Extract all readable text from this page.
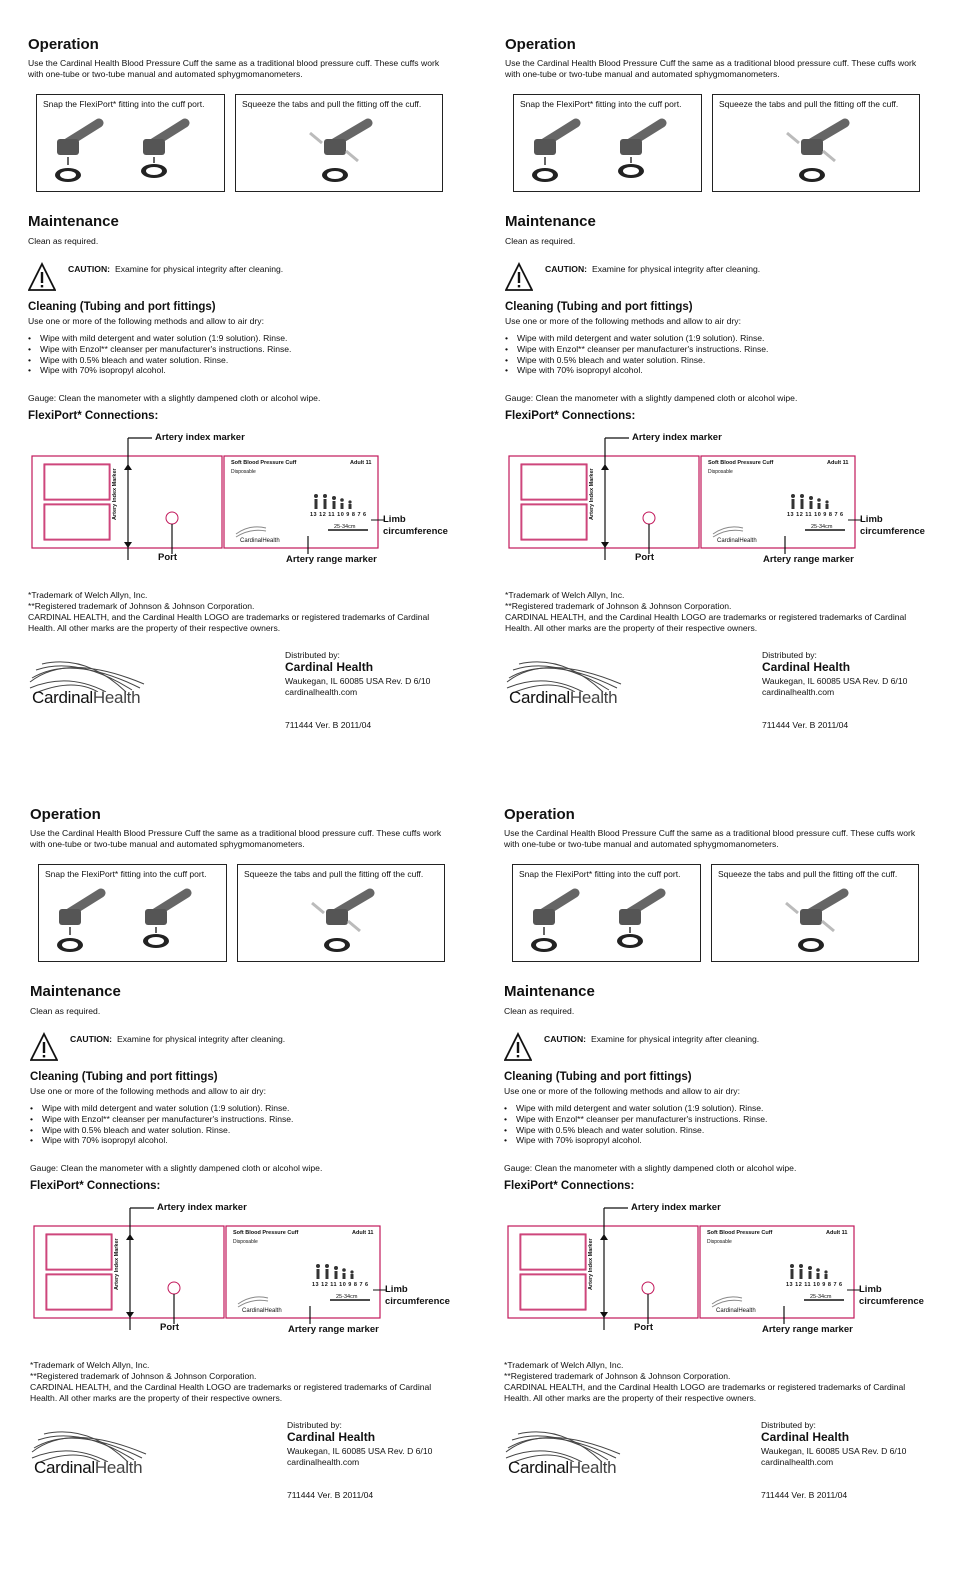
Operation
Use the Cardinal Health Blood Pressure Cuff the same as a traditional blood pressure cuff. These cuffs work with one-tube or two-tube manual and automated sphygmomanometers.
Snap the FlexiPort* fitting into the cuff port.	Squeeze the tabs and pull the fitting off the cuff.
Maintenance
Clean as required.
CAUTION: Examine for physical integrity after cleaning.
Cleaning (Tubing and port fittings)
Use one or more of the following methods and allow to air dry:
• Wipe with mild detergent and water solution (1:9 solution). Rinse.
• Wipe with Enzol** cleanser per manufacturer's instructions. Rinse.
• Wipe with 0.5% bleach and water solution. Rinse.
• Wipe with 70% isopropyl alcohol.
Gauge: Clean the manometer with a slightly dampened cloth or alcohol wipe.
FlexiPort* Connections:
Artery index marker
Artery Index Marker
Soft Blood Pressure Cuff
Disposable
Adult 11
13 12 11 10 9 8 7 6
25-34cm
CardinalHealth
Port	Artery range marker
Limb
circumference
*Trademark of Welch Allyn, Inc.
**Registered trademark of Johnson & Johnson Corporation.
CARDINAL HEALTH, and the Cardinal Health LOGO are trademarks or registered trademarks of Cardinal Health. All other marks are the property of their respective owners.
CardinalHealth
Distributed by:
Cardinal Health
Waukegan, IL 60085 USA Rev. D 6/10
cardinalhealth.com
711444 Ver. B 2011/04
Operation
Use the Cardinal Health Blood Pressure Cuff the same as a traditional blood pressure cuff. These cuffs work with one-tube or two-tube manual and automated sphygmomanometers.
Snap the FlexiPort* fitting into the cuff port.	Squeeze the tabs and pull the fitting off the cuff.
Maintenance
Clean as required.
CAUTION: Examine for physical integrity after cleaning.
Cleaning (Tubing and port fittings)
Use one or more of the following methods and allow to air dry:
• Wipe with mild detergent and water solution (1:9 solution). Rinse.
• Wipe with Enzol** cleanser per manufacturer's instructions. Rinse.
• Wipe with 0.5% bleach and water solution. Rinse.
• Wipe with 70% isopropyl alcohol.
Gauge: Clean the manometer with a slightly dampened cloth or alcohol wipe.
FlexiPort* Connections:
Artery index marker
Artery Index Marker
Soft Blood Pressure Cuff
Disposable
Adult 11
13 12 11 10 9 8 7 6
25-34cm
CardinalHealth
Port	Artery range marker
Limb
circumference
*Trademark of Welch Allyn, Inc.
**Registered trademark of Johnson & Johnson Corporation.
CARDINAL HEALTH, and the Cardinal Health LOGO are trademarks or registered trademarks of Cardinal Health. All other marks are the property of their respective owners.
CardinalHealth
Distributed by:
Cardinal Health
Waukegan, IL 60085 USA Rev. D 6/10
cardinalhealth.com
711444 Ver. B 2011/04
Operation
Use the Cardinal Health Blood Pressure Cuff the same as a traditional blood pressure cuff. These cuffs work with one-tube or two-tube manual and automated sphygmomanometers.
Snap the FlexiPort* fitting into the cuff port.	Squeeze the tabs and pull the fitting off the cuff.
Maintenance
Clean as required.
CAUTION: Examine for physical integrity after cleaning.
Cleaning (Tubing and port fittings)
Use one or more of the following methods and allow to air dry:
• Wipe with mild detergent and water solution (1:9 solution). Rinse.
• Wipe with Enzol** cleanser per manufacturer's instructions. Rinse.
• Wipe with 0.5% bleach and water solution. Rinse.
• Wipe with 70% isopropyl alcohol.
Gauge: Clean the manometer with a slightly dampened cloth or alcohol wipe.
FlexiPort* Connections:
Artery index marker
Artery Index Marker
Soft Blood Pressure Cuff
Disposable
Adult 11
13 12 11 10 9 8 7 6
25-34cm
CardinalHealth
Port	Artery range marker
Limb
circumference
*Trademark of Welch Allyn, Inc.
**Registered trademark of Johnson & Johnson Corporation.
CARDINAL HEALTH, and the Cardinal Health LOGO are trademarks or registered trademarks of Cardinal Health. All other marks are the property of their respective owners.
CardinalHealth
Distributed by:
Cardinal Health
Waukegan, IL 60085 USA Rev. D 6/10
cardinalhealth.com
711444 Ver. B 2011/04
Operation
Use the Cardinal Health Blood Pressure Cuff the same as a traditional blood pressure cuff. These cuffs work with one-tube or two-tube manual and automated sphygmomanometers.
Snap the FlexiPort* fitting into the cuff port.	Squeeze the tabs and pull the fitting off the cuff.
Maintenance
Clean as required.
CAUTION: Examine for physical integrity after cleaning.
Cleaning (Tubing and port fittings)
Use one or more of the following methods and allow to air dry:
• Wipe with mild detergent and water solution (1:9 solution). Rinse.
• Wipe with Enzol** cleanser per manufacturer's instructions. Rinse.
• Wipe with 0.5% bleach and water solution. Rinse.
• Wipe with 70% isopropyl alcohol.
Gauge: Clean the manometer with a slightly dampened cloth or alcohol wipe.
FlexiPort* Connections:
Artery index marker
Artery Index Marker
Soft Blood Pressure Cuff
Disposable
Adult 11
13 12 11 10 9 8 7 6
25-34cm
CardinalHealth
Port	Artery range marker
Limb
circumference
*Trademark of Welch Allyn, Inc.
**Registered trademark of Johnson & Johnson Corporation.
CARDINAL HEALTH, and the Cardinal Health LOGO are trademarks or registered trademarks of Cardinal Health. All other marks are the property of their respective owners.
CardinalHealth
Distributed by:
Cardinal Health
Waukegan, IL 60085 USA Rev. D 6/10
cardinalhealth.com
711444 Ver. B 2011/04
